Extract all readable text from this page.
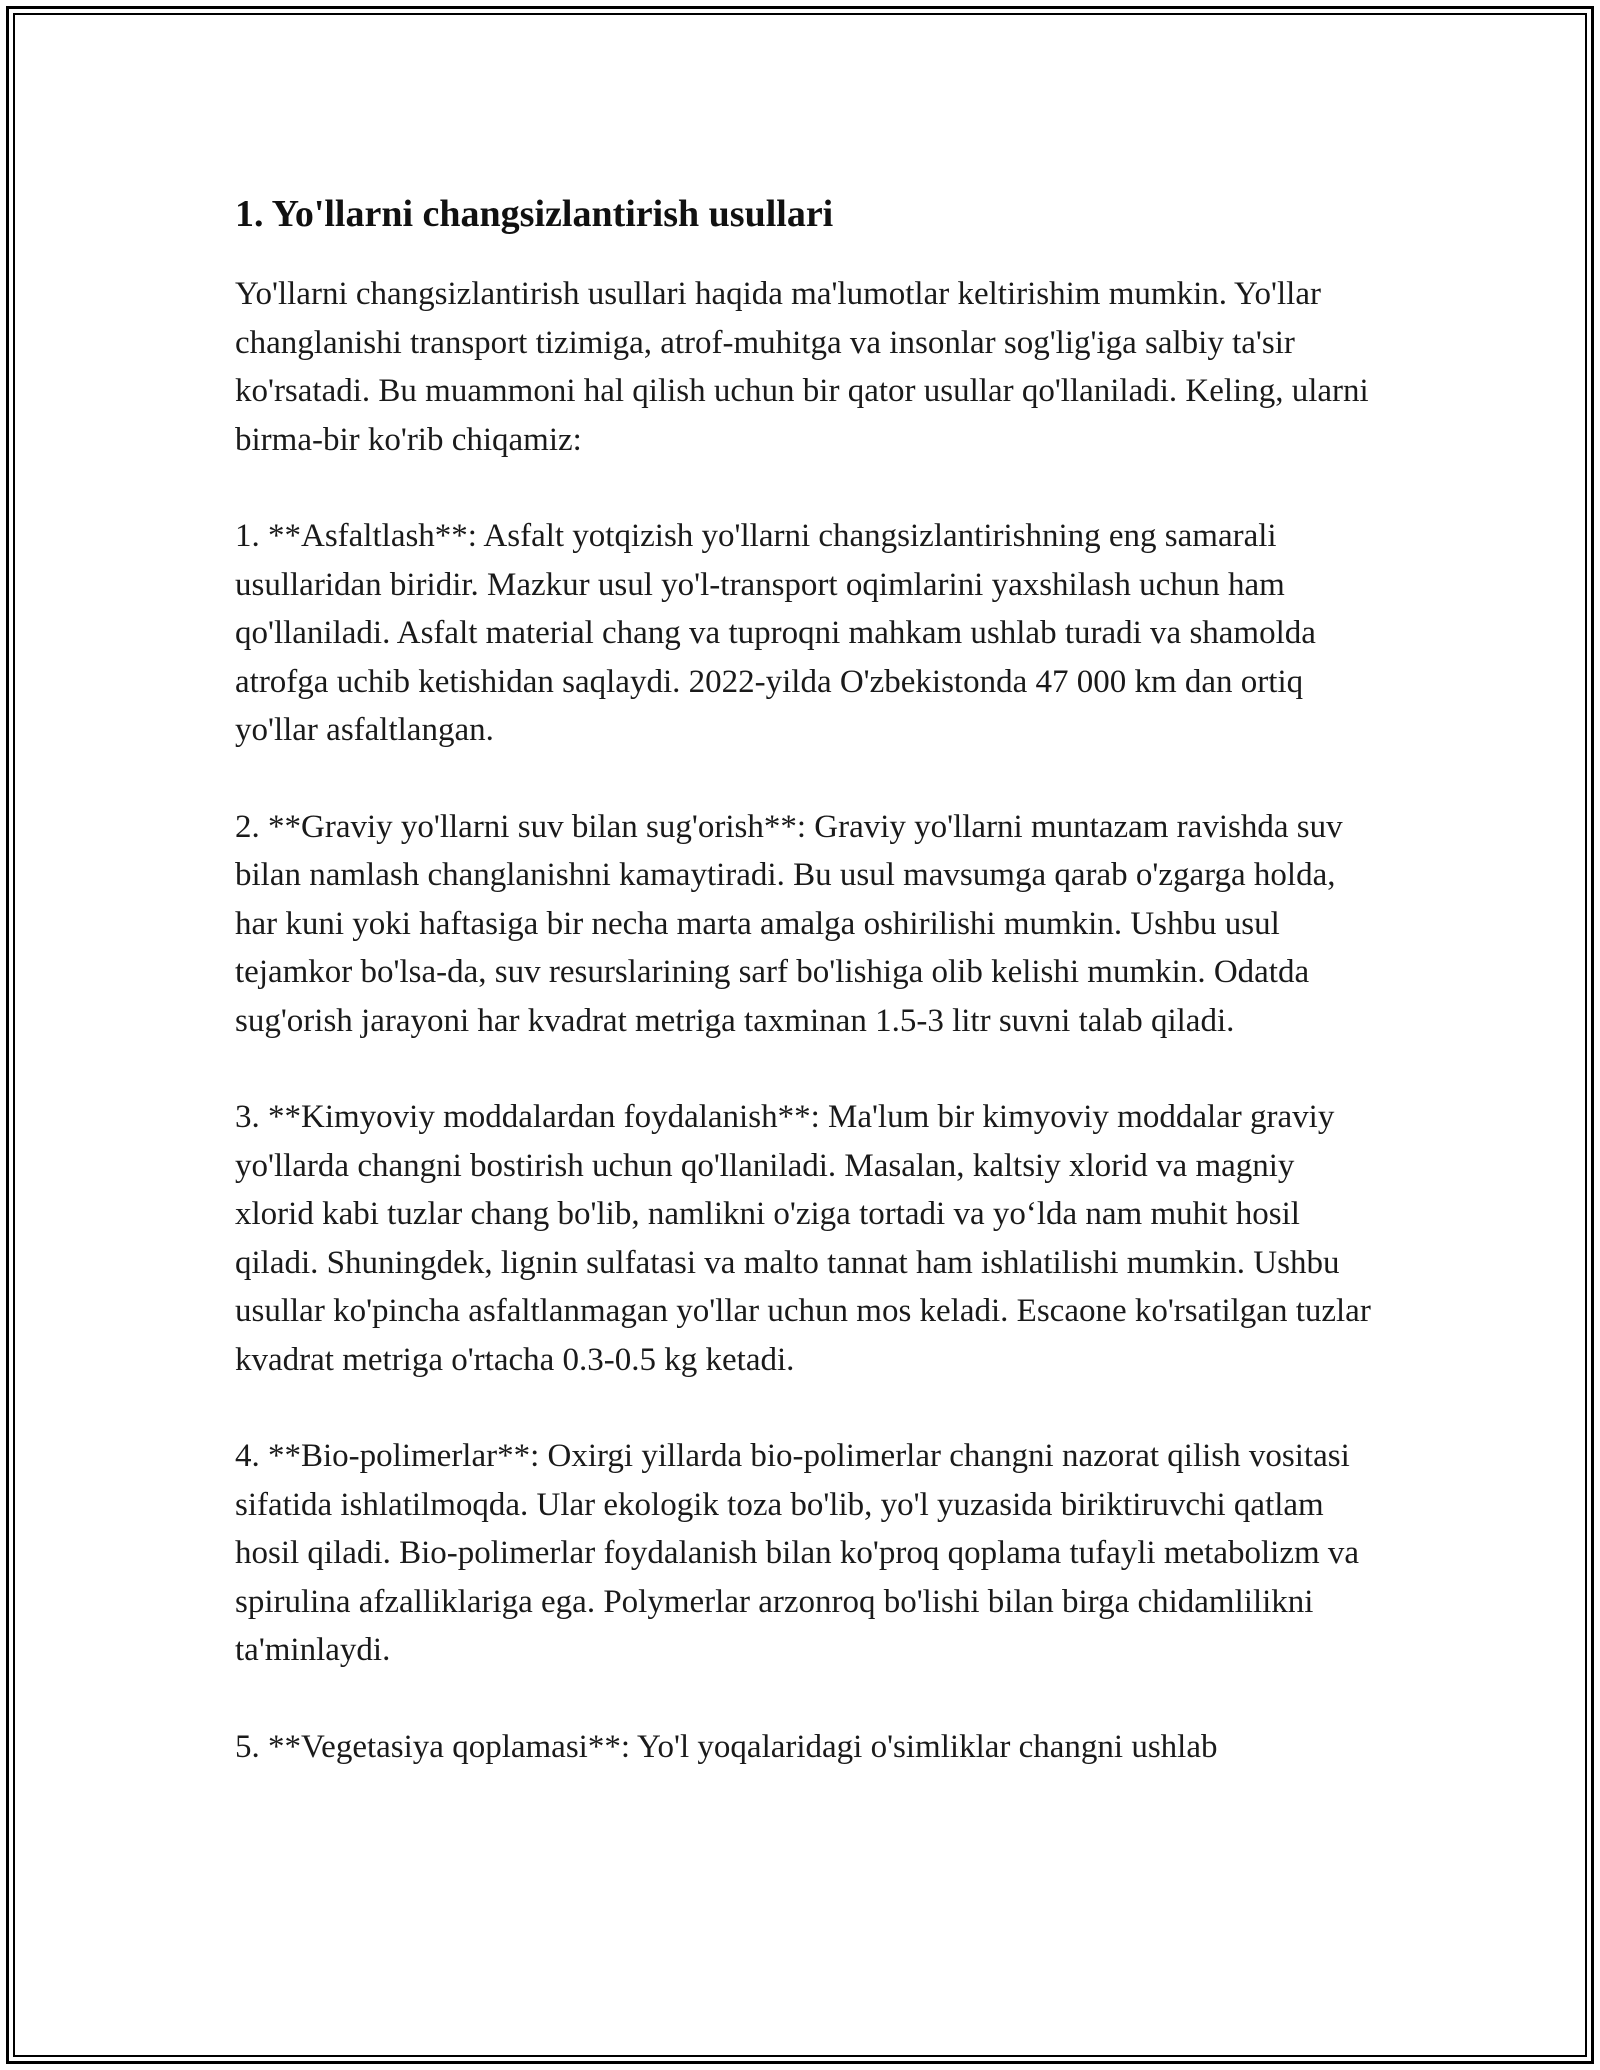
1. Yo'llarni changsizlantirish usullari

Yo'llarni changsizlantirish usullari haqida ma'lumotlar keltirishim mumkin. Yo'llar changlanishi transport tizimiga, atrof-muhitga va insonlar sog'lig'iga salbiy ta'sir ko'rsatadi. Bu muammoni hal qilish uchun bir qator usullar qo'llaniladi. Keling, ularni birma-bir ko'rib chiqamiz:

1. **Asfaltlash**: Asfalt yotqizish yo'llarni changsizlantirishning eng samarali usullaridan biridir. Mazkur usul yo'l-transport oqimlarini yaxshilash uchun ham qo'llaniladi. Asfalt material chang va tuproqni mahkam ushlab turadi va shamolda atrofga uchib ketishidan saqlaydi. 2022-yilda O'zbekistonda 47 000 km dan ortiq yo'llar asfaltlangan.

2. **Graviy yo'llarni suv bilan sug'orish**: Graviy yo'llarni muntazam ravishda suv bilan namlash changlanishni kamaytiradi. Bu usul mavsumga qarab o'zgarga holda, har kuni yoki haftasiga bir necha marta amalga oshirilishi mumkin. Ushbu usul tejamkor bo'lsa-da, suv resurslarining sarf bo'lishiga olib kelishi mumkin. Odatda sug'orish jarayoni har kvadrat metriga taxminan 1.5-3 litr suvni talab qiladi.

3. **Kimyoviy moddalardan foydalanish**: Ma'lum bir kimyoviy moddalar graviy yo'llarda changni bostirish uchun qo'llaniladi. Masalan, kaltsiy xlorid va magniy xlorid kabi tuzlar chang bo'lib, namlikni o'ziga tortadi va yo‘lda nam muhit hosil qiladi. Shuningdek, lignin sulfatasi va malto tannat ham ishlatilishi mumkin. Ushbu usullar ko'pincha asfaltlanmagan yo'llar uchun mos keladi. Escaone ko'rsatilgan tuzlar kvadrat metriga o'rtacha 0.3-0.5 kg ketadi.

4. **Bio-polimerlar**: Oxirgi yillarda bio-polimerlar changni nazorat qilish vositasi sifatida ishlatilmoqda. Ular ekologik toza bo'lib, yo'l yuzasida biriktiruvchi qatlam hosil qiladi. Bio-polimerlar foydalanish bilan ko'proq qoplama tufayli metabolizm va spirulina afzalliklariga ega. Polymerlar arzonroq bo'lishi bilan birga chidamlilikni ta'minlaydi.

5. **Vegetasiya qoplamasi**: Yo'l yoqalaridagi o'simliklar changni ushlab
